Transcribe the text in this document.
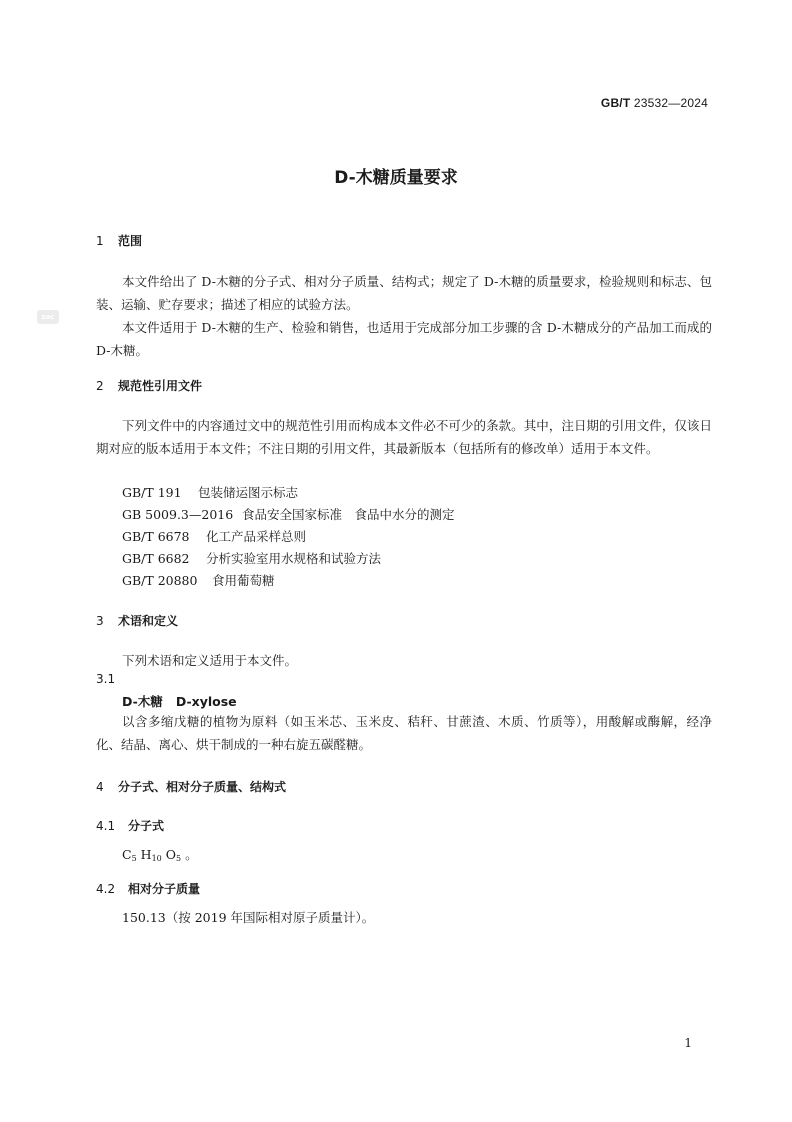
GB/T 23532—2024
D-木糖质量要求
sac
1 范围
本文件给出了 D-木糖的分子式、相对分子质量、结构式；规定了 D-木糖的质量要求，检验规则和标志、包装、运输、贮存要求；描述了相应的试验方法。
本文件适用于 D-木糖的生产、检验和销售，也适用于完成部分加工步骤的含 D-木糖成分的产品加工而成的 D-木糖。
2 规范性引用文件
下列文件中的内容通过文中的规范性引用而构成本文件必不可少的条款。其中，注日期的引用文件，仅该日期对应的版本适用于本文件；不注日期的引用文件，其最新版本（包括所有的修改单）适用于本文件。
GB/T 191 包装储运图示标志
GB 5009.3—2016 食品安全国家标准　食品中水分的测定
GB/T 6678 化工产品采样总则
GB/T 6682 分析实验室用水规格和试验方法
GB/T 20880 食用葡萄糖
3 术语和定义
下列术语和定义适用于本文件。
3.1
D-木糖 D-xylose
以含多缩戊糖的植物为原料（如玉米芯、玉米皮、秸秆、甘蔗渣、木质、竹质等），用酸解或酶解，经净化、结晶、离心、烘干制成的一种右旋五碳醛糖。
4 分子式、相对分子质量、结构式
4.1 分子式
$C_5$ $H_{10}$ $O_5$ 。
4.2 相对分子质量
150.13（按 2019 年国际相对原子质量计）。
1
